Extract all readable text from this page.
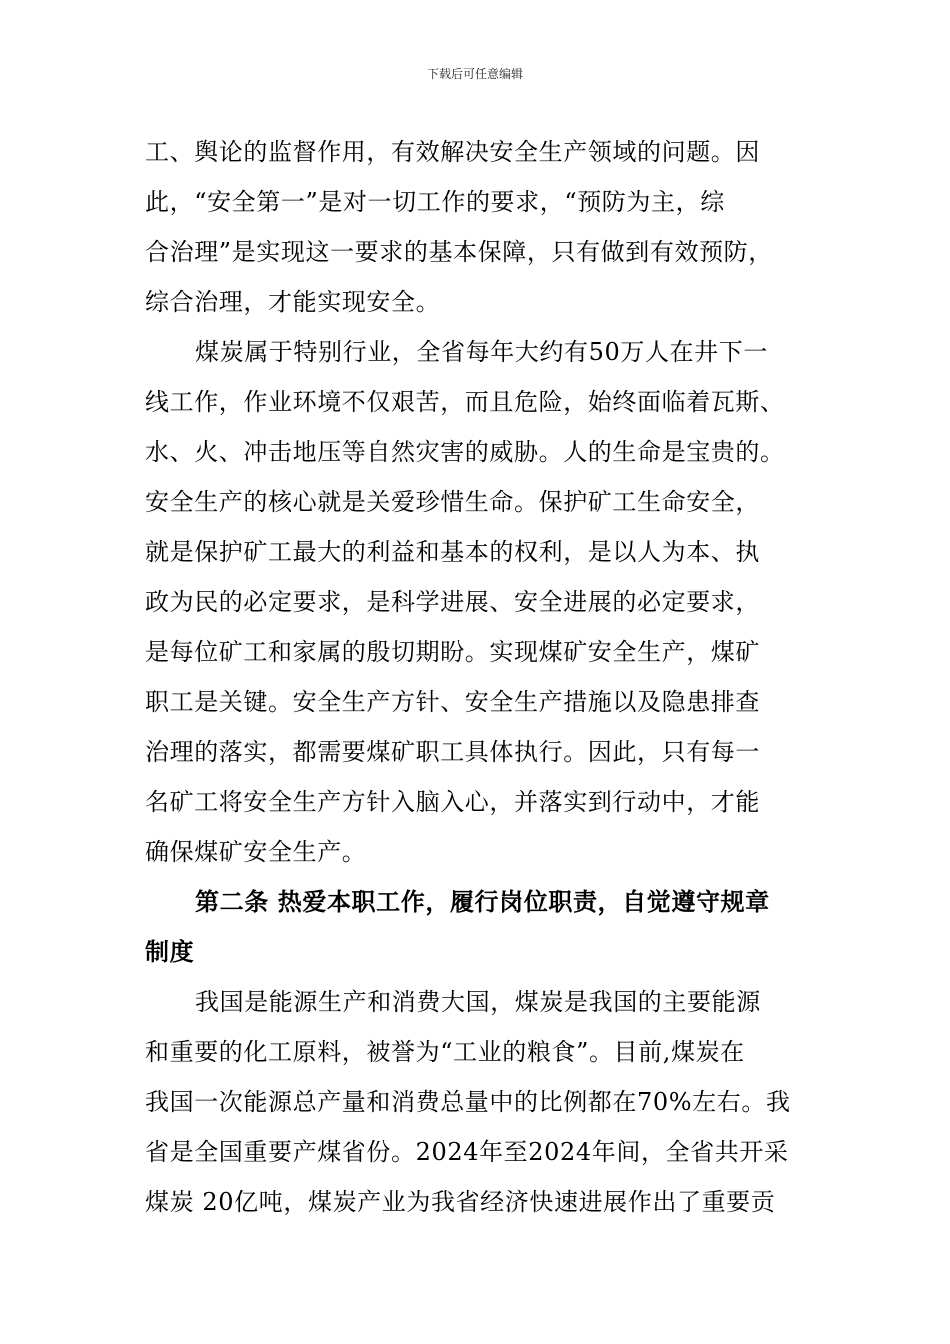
下载后可任意编辑
工、舆论的监督作用，有效解决安全生产领域的问题。因
此，“安全第一”是对一切工作的要求，“预防为主，综
合治理”是实现这一要求的基本保障，只有做到有效预防，
综合治理，才能实现安全。
煤炭属于特别行业，全省每年大约有50万人在井下一
线工作，作业环境不仅艰苦，而且危险，始终面临着瓦斯、
水、火、冲击地压等自然灾害的威胁。人的生命是宝贵的。
安全生产的核心就是关爱珍惜生命。保护矿工生命安全，
就是保护矿工最大的利益和基本的权利，是以人为本、执
政为民的必定要求，是科学进展、安全进展的必定要求，
是每位矿工和家属的殷切期盼。实现煤矿安全生产，煤矿
职工是关键。安全生产方针、安全生产措施以及隐患排查
治理的落实，都需要煤矿职工具体执行。因此，只有每一
名矿工将安全生产方针入脑入心，并落实到行动中，才能
确保煤矿安全生产。
第二条 热爱本职工作，履行岗位职责，自觉遵守规章
制度
我国是能源生产和消费大国，煤炭是我国的主要能源
和重要的化工原料，被誉为“工业的粮食”。目前,煤炭在
我国一次能源总产量和消费总量中的比例都在70%左右。我
省是全国重要产煤省份。2024年至2024年间，全省共开采
煤炭 20亿吨，煤炭产业为我省经济快速进展作出了重要贡
